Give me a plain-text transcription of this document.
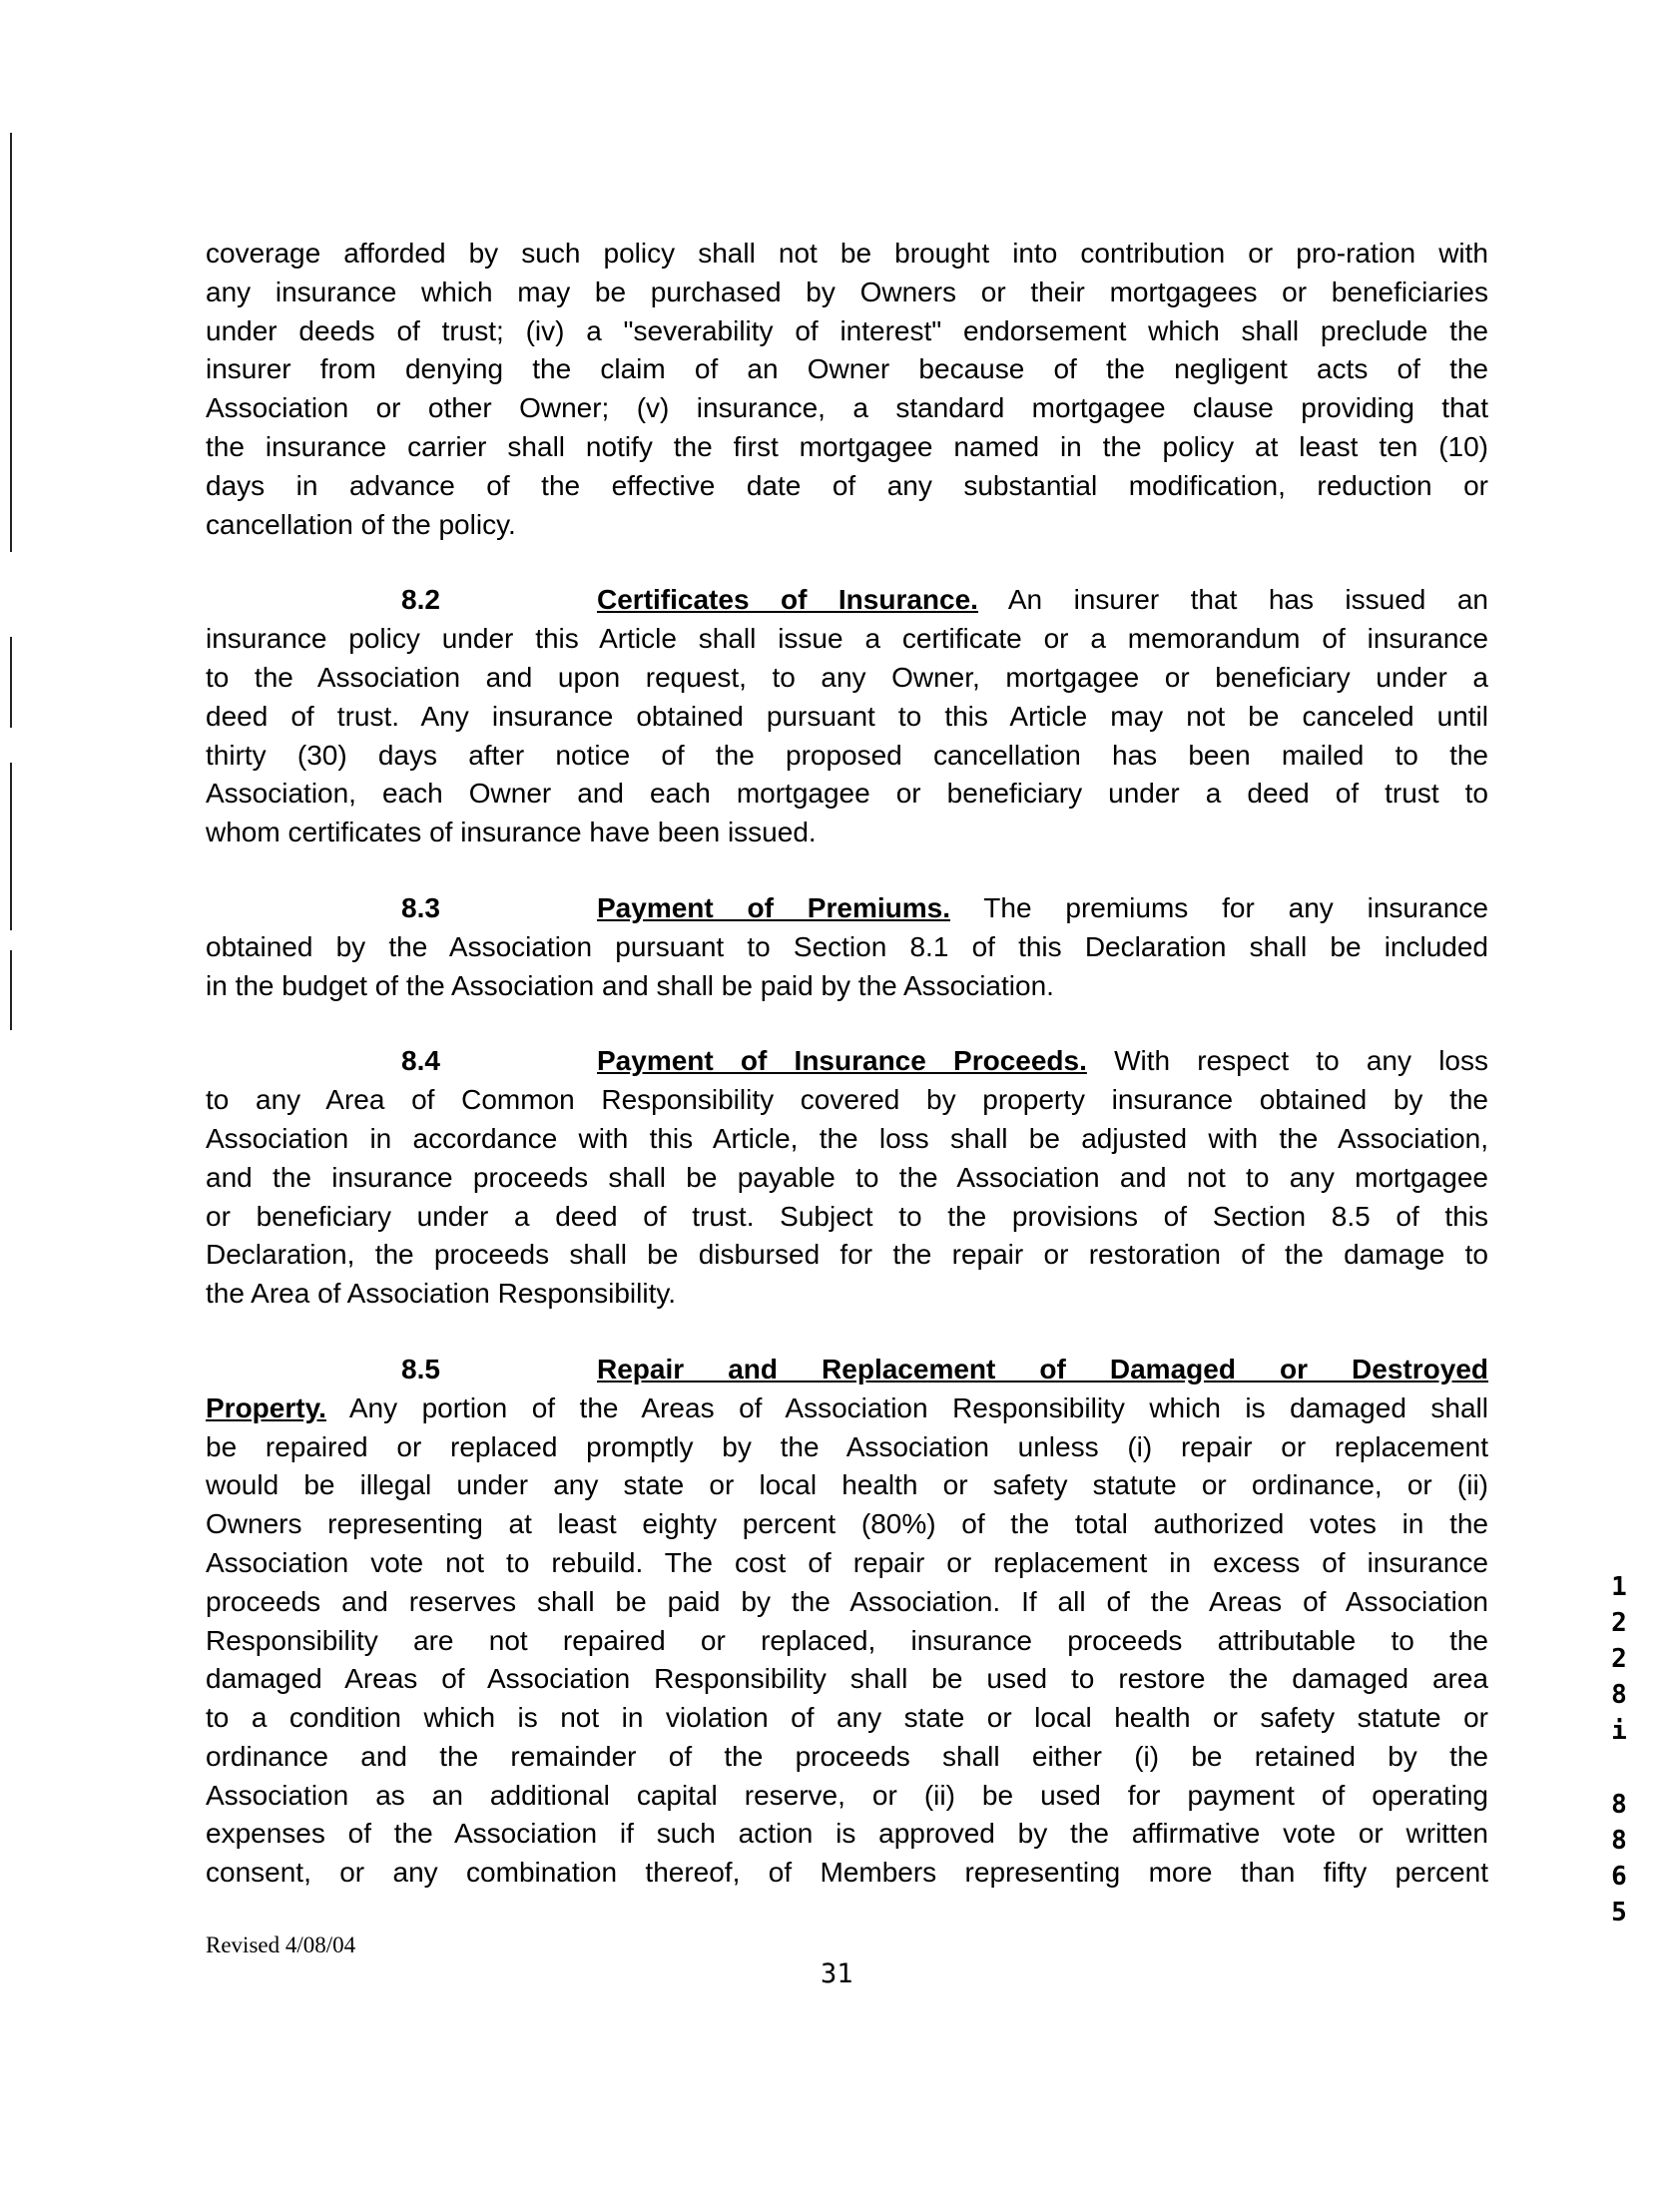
coverage afforded by such policy shall not be brought into contribution or pro-ration with
any insurance which may be purchased by Owners or their mortgagees or beneficiaries
under deeds of trust; (iv) a "severability of interest" endorsement which shall preclude the
insurer from denying the claim of an Owner because of the negligent acts of the
Association or other Owner; (v) insurance, a standard mortgagee clause providing that
the insurance carrier shall notify the first mortgagee named in the policy at least ten (10)
days in advance of the effective date of any substantial modification, reduction or
cancellation of the policy.
8.2	Certificates of Insurance. An insurer that has issued an
insurance policy under this Article shall issue a certificate or a memorandum of insurance
to the Association and upon request, to any Owner, mortgagee or beneficiary under a
deed of trust. Any insurance obtained pursuant to this Article may not be canceled until
thirty (30) days after notice of the proposed cancellation has been mailed to the
Association, each Owner and each mortgagee or beneficiary under a deed of trust to
whom certificates of insurance have been issued.
8.3	Payment of Premiums. The premiums for any insurance
obtained by the Association pursuant to Section 8.1 of this Declaration shall be included
in the budget of the Association and shall be paid by the Association.
8.4	Payment of Insurance Proceeds. With respect to any loss
to any Area of Common Responsibility covered by property insurance obtained by the
Association in accordance with this Article, the loss shall be adjusted with the Association,
and the insurance proceeds shall be payable to the Association and not to any mortgagee
or beneficiary under a deed of trust. Subject to the provisions of Section 8.5 of this
Declaration, the proceeds shall be disbursed for the repair or restoration of the damage to
the Area of Association Responsibility.
8.5	Repair and Replacement of Damaged or Destroyed
Property. Any portion of the Areas of Association Responsibility which is damaged shall
be repaired or replaced promptly by the Association unless (i) repair or replacement
would be illegal under any state or local health or safety statute or ordinance, or (ii)
Owners representing at least eighty percent (80%) of the total authorized votes in the
Association vote not to rebuild. The cost of repair or replacement in excess of insurance
proceeds and reserves shall be paid by the Association. If all of the Areas of Association
Responsibility are not repaired or replaced, insurance proceeds attributable to the
damaged Areas of Association Responsibility shall be used to restore the damaged area
to a condition which is not in violation of any state or local health or safety statute or
ordinance and the remainder of the proceeds shall either (i) be retained by the
Association as an additional capital reserve, or (ii) be used for payment of operating
expenses of the Association if such action is approved by the affirmative vote or written
consent, or any combination thereof, of Members representing more than fifty percent
Revised 4/08/04
31
1
2
2
8
i
8
8
6
5
